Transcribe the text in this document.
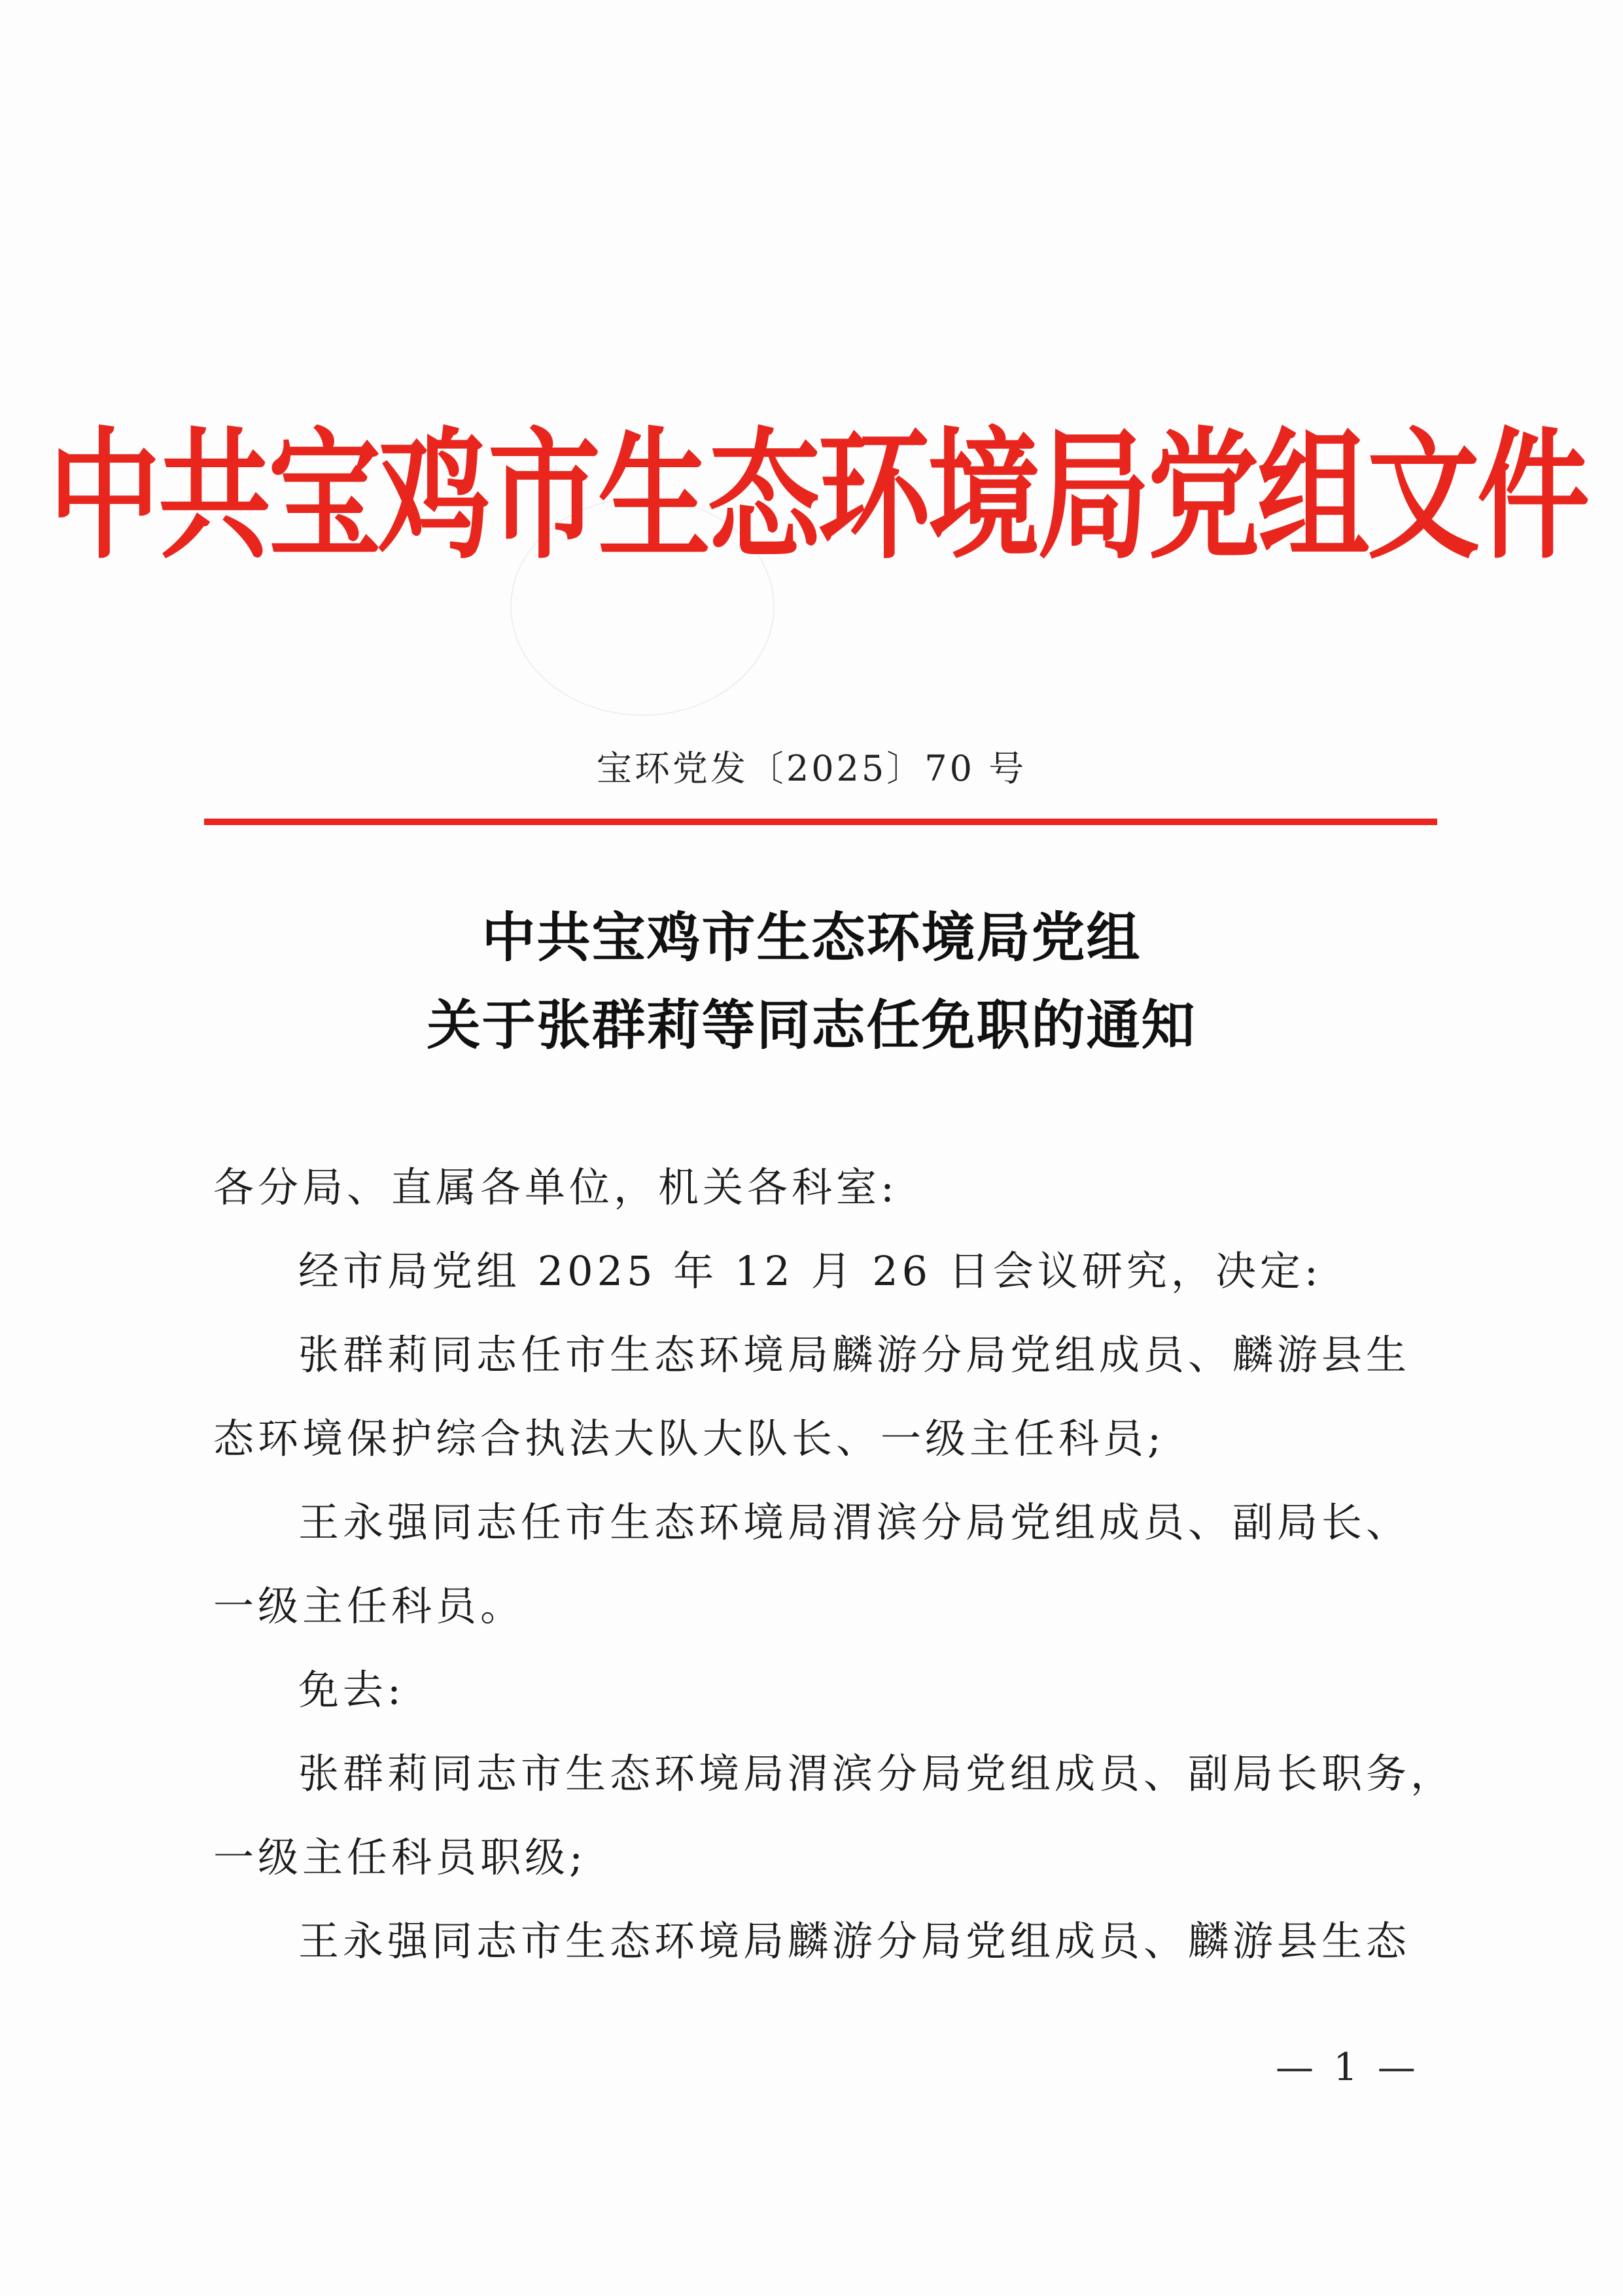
中共宝鸡市生态环境局党组文件
宝环党发〔2025〕70 号
中共宝鸡市生态环境局党组
关于张群莉等同志任免职的通知
各分局、直属各单位，机关各科室:
经市局党组 2025 年 12 月 26 日会议研究，决定:
张群莉同志任市生态环境局麟游分局党组成员、麟游县生
态环境保护综合执法大队大队长、一级主任科员;
王永强同志任市生态环境局渭滨分局党组成员、副局长、
一级主任科员。
免去:
张群莉同志市生态环境局渭滨分局党组成员、副局长职务，
一级主任科员职级;
王永强同志市生态环境局麟游分局党组成员、麟游县生态
— 1 —
